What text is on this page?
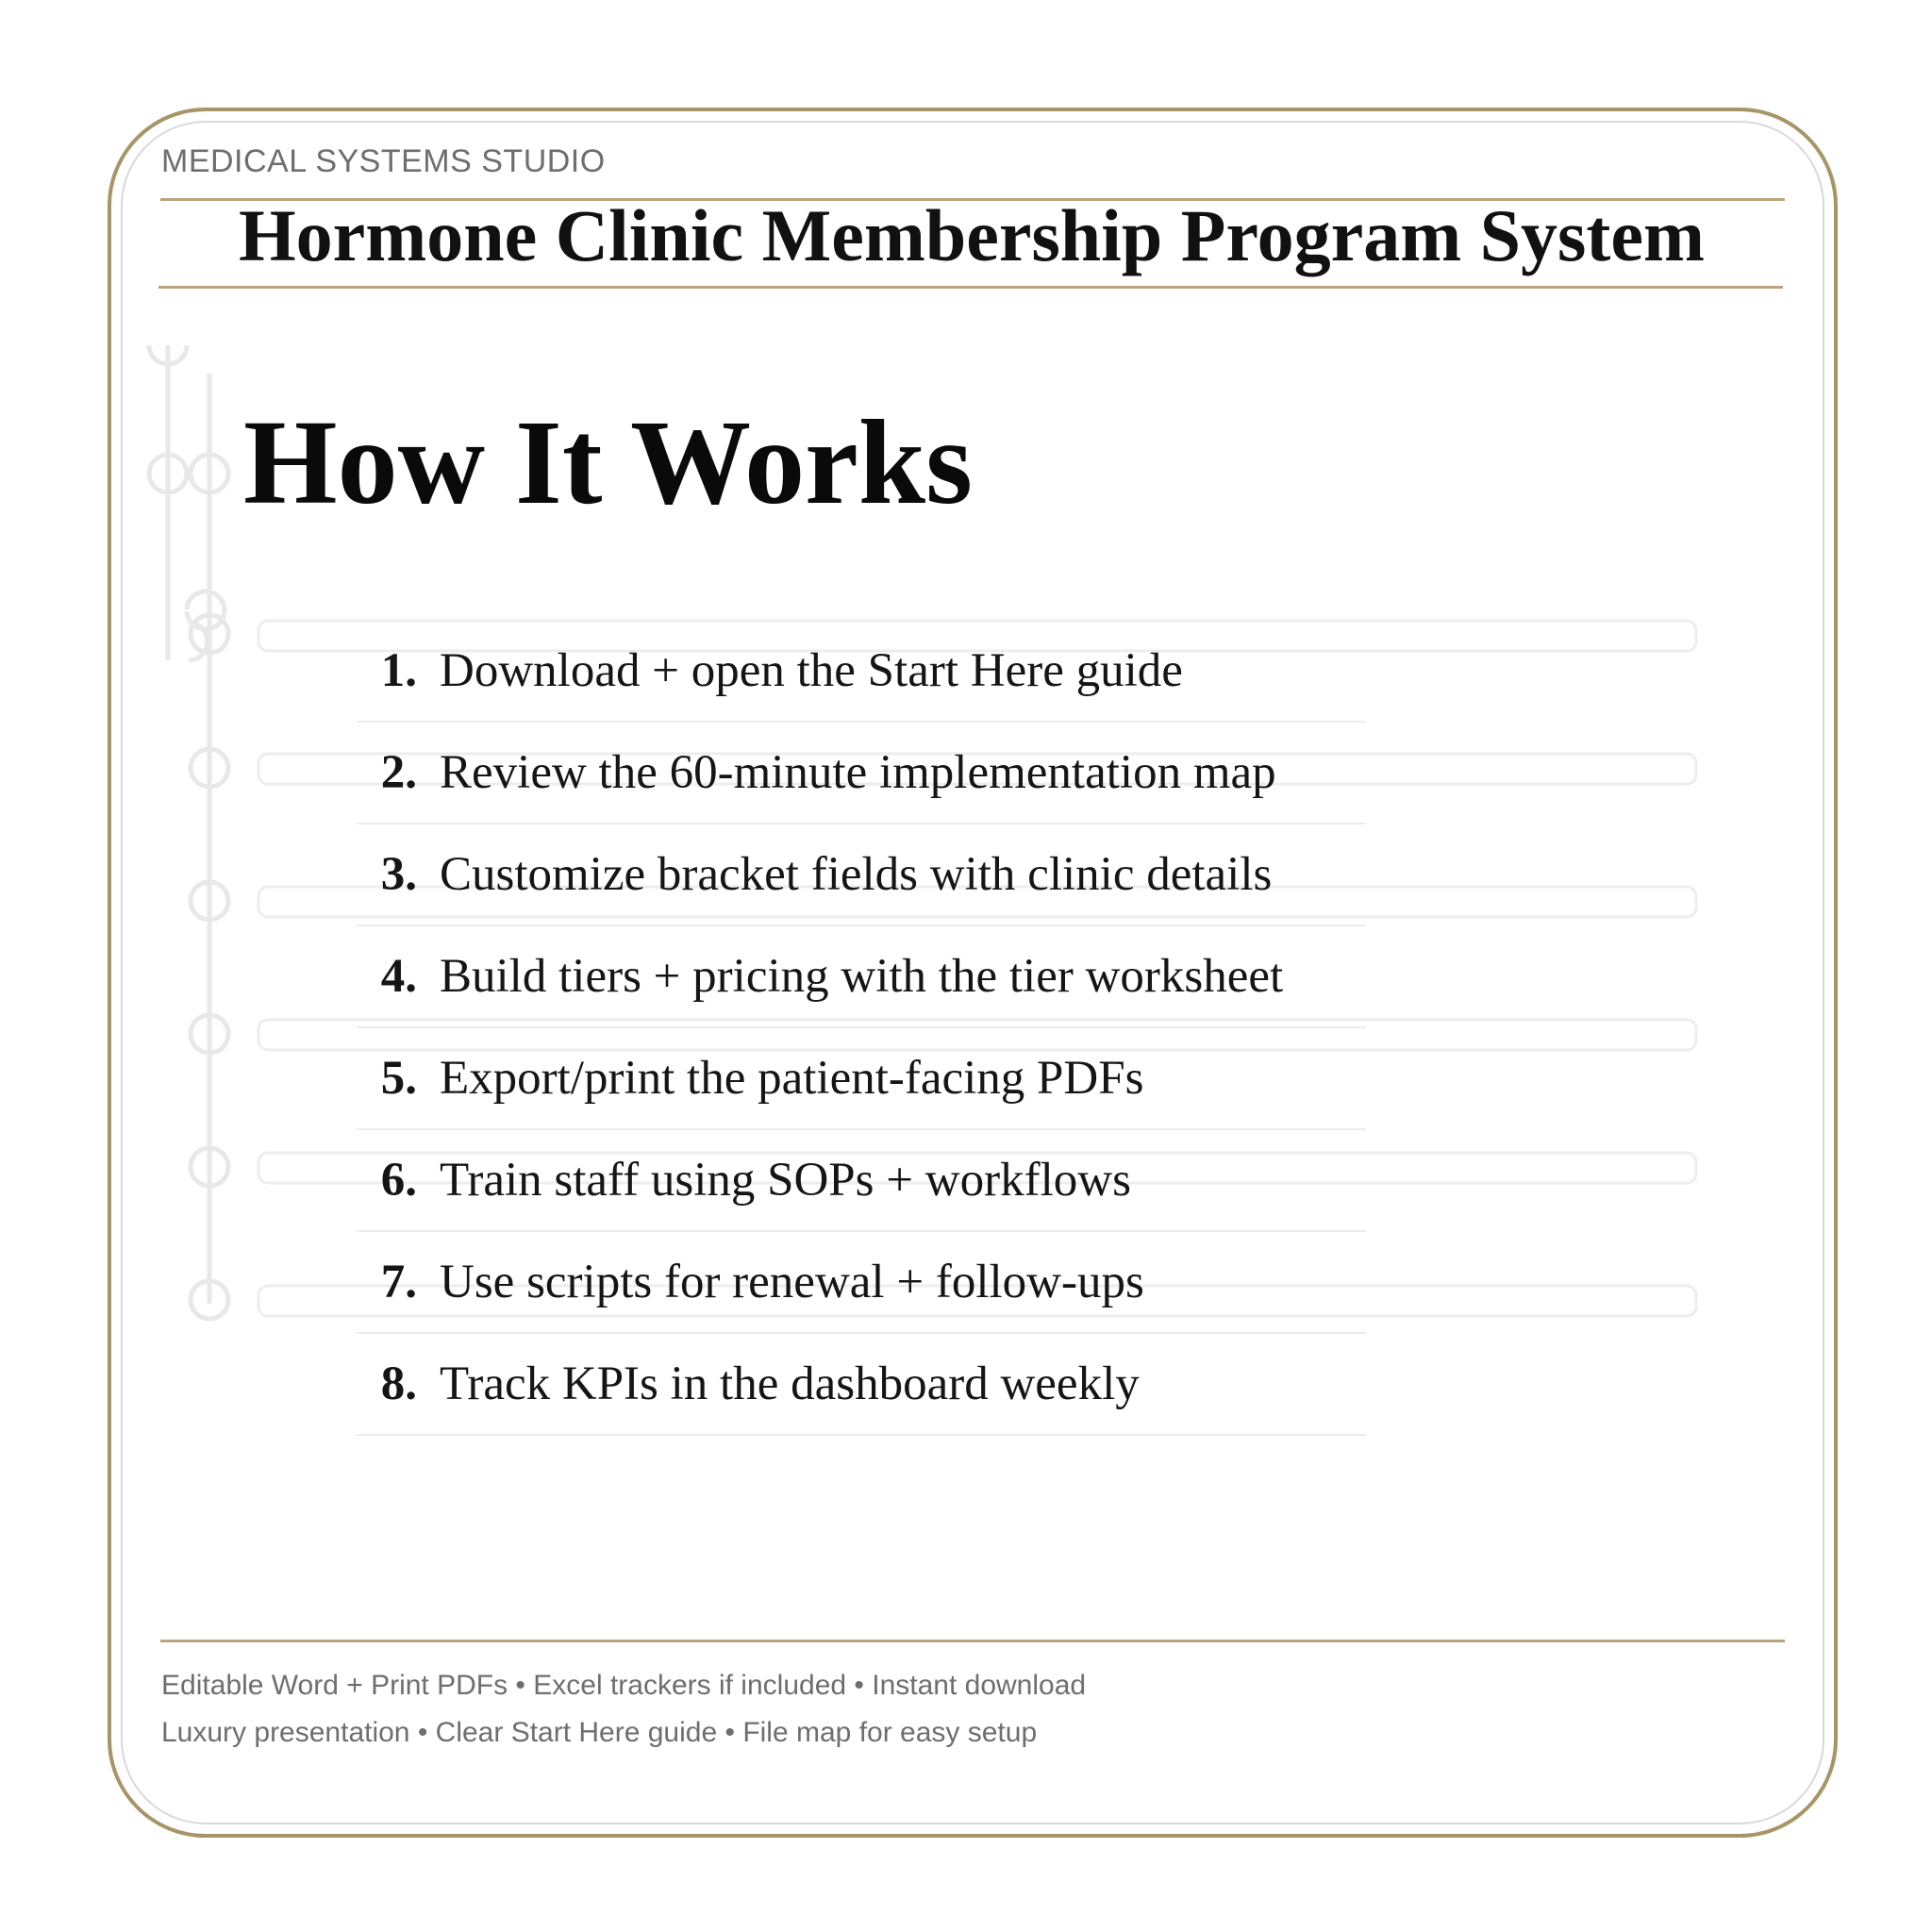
MEDICAL SYSTEMS STUDIO
Hormone Clinic Membership Program System
How It Works
1. Download + open the Start Here guide
2. Review the 60-minute implementation map
3. Customize bracket fields with clinic details
4. Build tiers + pricing with the tier worksheet
5. Export/print the patient-facing PDFs
6. Train staff using SOPs + workflows
7. Use scripts for renewal + follow-ups
8. Track KPIs in the dashboard weekly
Editable Word + Print PDFs • Excel trackers if included • Instant download
Luxury presentation • Clear Start Here guide • File map for easy setup
